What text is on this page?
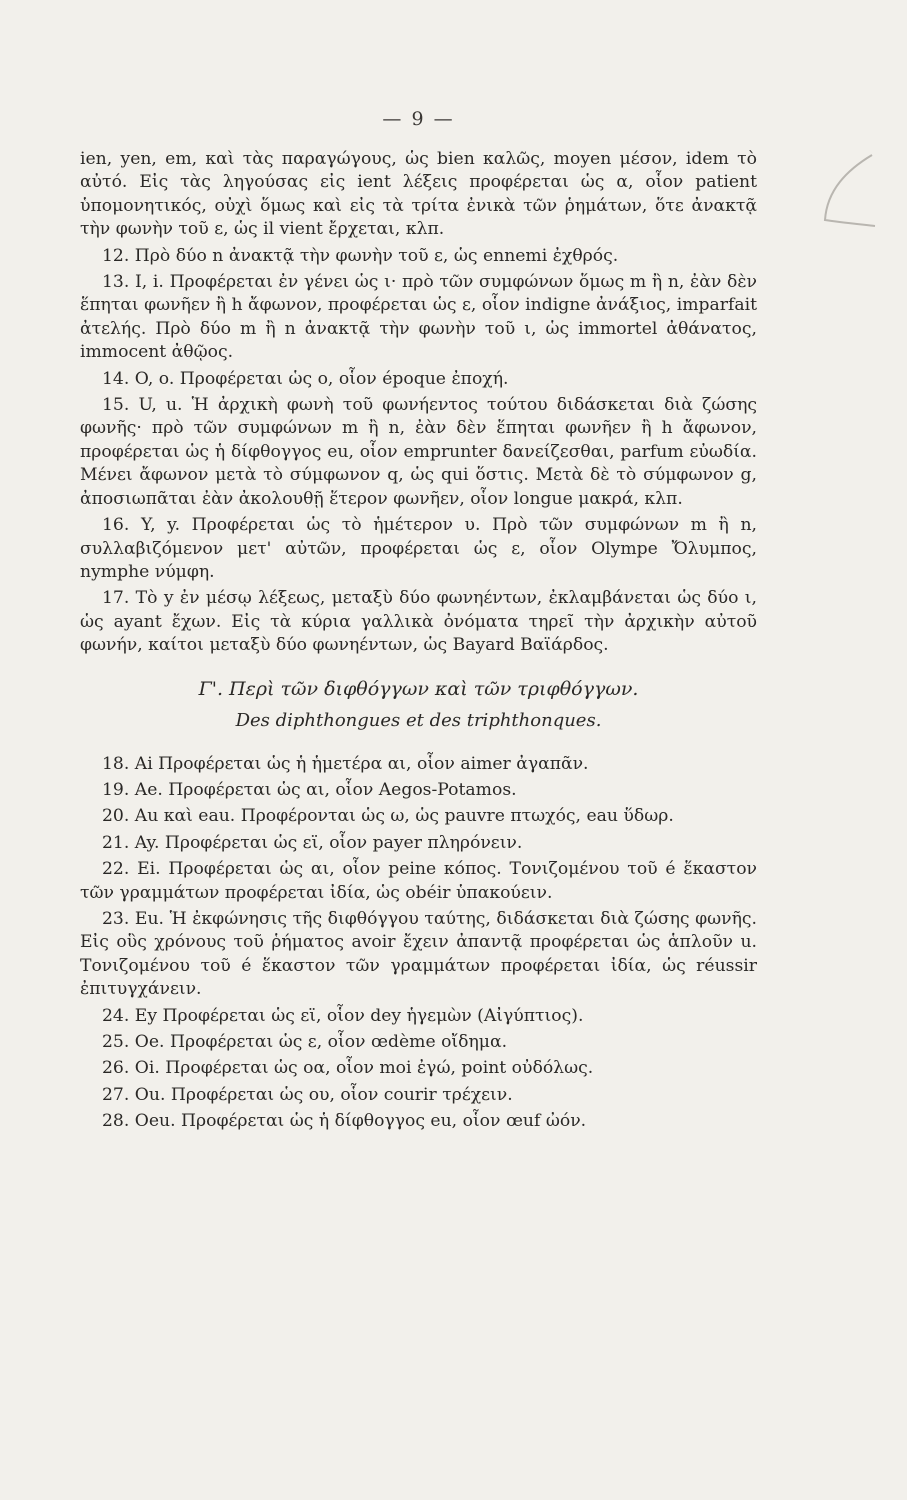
— 9 —

ien, yen, em, καὶ τὰς παραγώγους, ὡς bien καλῶς, moyen μέσον, idem τὸ αὐτό. Εἰς τὰς ληγούσας εἰς ient λέξεις προφέρεται ὡς α, οἷον patient ὑπομονητικός, οὐχὶ ὅμως καὶ εἰς τὰ τρίτα ἐνικὰ τῶν ῥημάτων, ὅτε ἀνακτᾷ τὴν φωνὴν τοῦ ε, ὡς il vient ἔρχεται, κλπ.

12. Πρὸ δύο n ἀνακτᾷ τὴν φωνὴν τοῦ ε, ὡς ennemi ἐχθρός.

13. I, i. Προφέρεται ἐν γένει ὡς ι· πρὸ τῶν συμφώνων ὅμως m ἢ n, ἐὰν δὲν ἕπηται φωνῆεν ἢ h ἄφωνον, προφέρεται ὡς ε, οἷον indigne ἀνάξιος, imparfait ἀτελής. Πρὸ δύο m ἢ n ἀνακτᾷ τὴν φωνὴν τοῦ ι, ὡς immortel ἀθάνατος, immocent ἀθῷος.

14. O, o. Προφέρεται ὡς ο, οἷον époque ἐποχή.

15. U, u. Ἡ ἀρχικὴ φωνὴ τοῦ φωνήεντος τούτου διδάσκεται διὰ ζώσης φωνῆς· πρὸ τῶν συμφώνων m ἢ n, ἐὰν δὲν ἕπηται φωνῆεν ἢ h ἄφωνον, προφέρεται ὡς ἡ δίφθογγος eu, οἷον emprunter δανείζεσθαι, parfum εὐωδία. Μένει ἄφωνον μετὰ τὸ σύμφωνον q, ὡς qui ὅστις. Μετὰ δὲ τὸ σύμφωνον g, ἀποσιωπᾶται ἐὰν ἀκολουθῇ ἕτερον φωνῆεν, οἷον longue μακρά, κλπ.

16. Y, y. Προφέρεται ὡς τὸ ἡμέτερον υ. Πρὸ τῶν συμφώνων m ἢ n, συλλαβιζόμενον μετ' αὐτῶν, προφέρεται ὡς ε, οἷον Olympe Ὄλυμπος, nymphe νύμφη.

17. Τὸ y ἐν μέσῳ λέξεως, μεταξὺ δύο φωνηέντων, ἐκλαμβάνεται ὡς δύο ι, ὡς ayant ἔχων. Εἰς τὰ κύρια γαλλικὰ ὀνόματα τηρεῖ τὴν ἀρχικὴν αὐτοῦ φωνήν, καίτοι μεταξὺ δύο φωνηέντων, ὡς Bayard Βαϊάρδος.

Γ'. Περὶ τῶν διφθόγγων καὶ τῶν τριφθόγγων.
Des diphthongues et des triphthonques.

18. Ai Προφέρεται ὡς ἡ ἡμετέρα αι, οἷον aimer ἀγαπᾶν.

19. Ae. Προφέρεται ὡς αι, οἷον Aegos-Potamos.

20. Au καὶ eau. Προφέρονται ὡς ω, ὡς pauvre πτωχός, eau ὕδωρ.

21. Ay. Προφέρεται ὡς εϊ, οἷον payer πληρόνειν.

22. Ei. Προφέρεται ὡς αι, οἷον peine κόπος. Τονιζομένου τοῦ é ἕκαστον τῶν γραμμάτων προφέρεται ἰδία, ὡς obéir ὑπακούειν.

23. Eu. Ἡ ἐκφώνησις τῆς διφθόγγου ταύτης, διδάσκεται διὰ ζώσης φωνῆς. Εἰς οὓς χρόνους τοῦ ῥήματος avoir ἔχειν ἀπαντᾷ προφέρεται ὡς ἁπλοῦν u. Τονιζομένου τοῦ é ἕκαστον τῶν γραμμάτων προφέρεται ἰδία, ὡς réussir ἐπιτυγχάνειν.

24. Ey Προφέρεται ὡς εϊ, οἷον dey ἡγεμὼν (Αἰγύπτιος).

25. Oe. Προφέρεται ὡς ε, οἷον œdème οἴδημα.

26. Oi. Προφέρεται ὡς οα, οἷον moi ἐγώ, point οὐδόλως.

27. Ou. Προφέρεται ὡς ου, οἷον courir τρέχειν.

28. Oeu. Προφέρεται ὡς ἡ δίφθογγος eu, οἷον œuf ὠόν.
